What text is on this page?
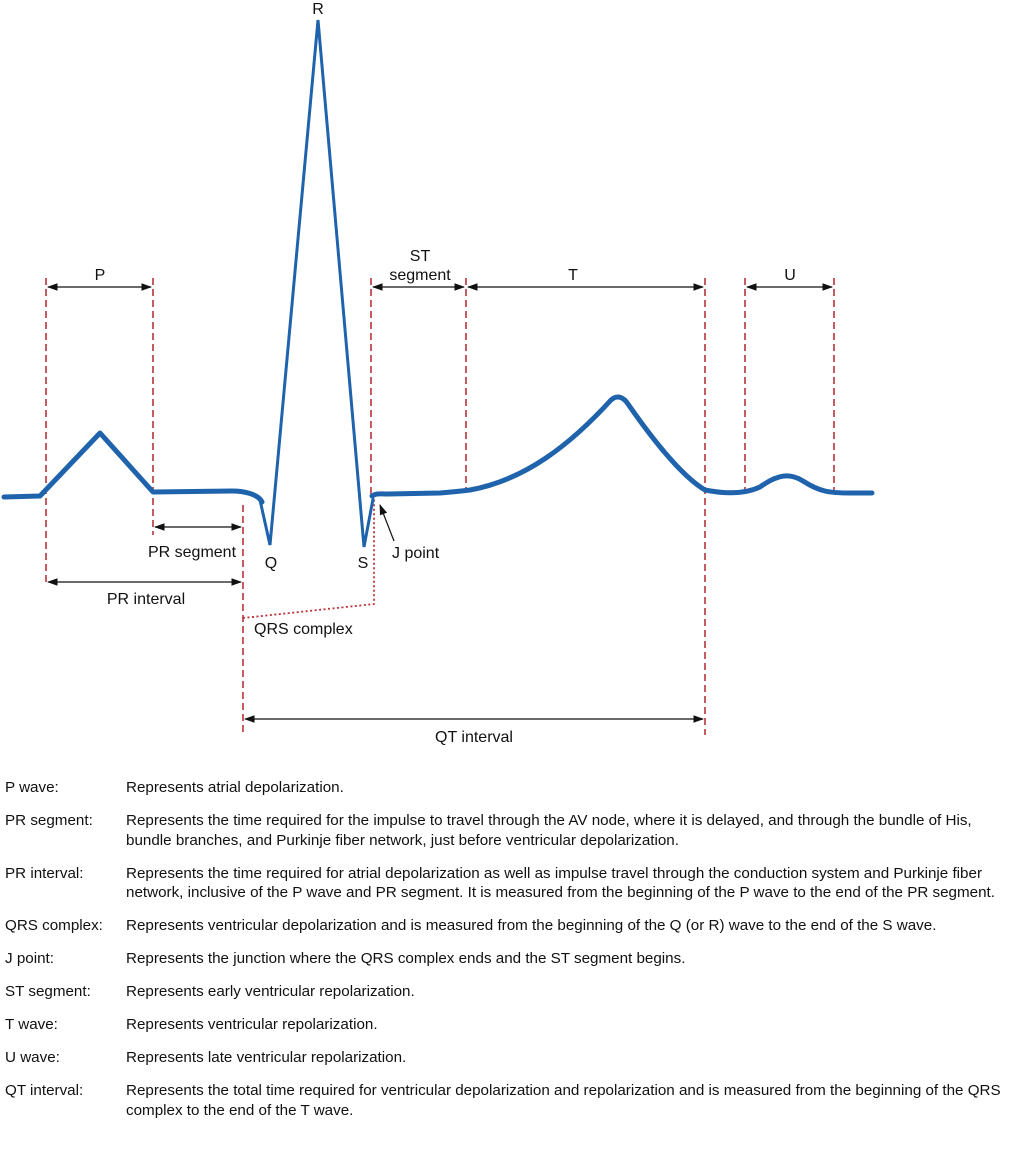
R
P
ST
segment	T	U
Q	S
J point
PR segment
PR interval
QRS complex
QT interval
P wave:	Represents atrial depolarization.
PR segment:	Represents the time required for the impulse to travel through the AV node, where it is delayed, and through the bundle of His, bundle branches, and Purkinje fiber network, just before ventricular depolarization.
PR interval:	Represents the time required for atrial depolarization as well as impulse travel through the conduction system and Purkinje fiber network, inclusive of the P wave and PR segment. It is measured from the beginning of the P wave to the end of the PR segment.
QRS complex:	Represents ventricular depolarization and is measured from the beginning of the Q (or R) wave to the end of the S wave.
J point:	Represents the junction where the QRS complex ends and the ST segment begins.
ST segment:	Represents early ventricular repolarization.
T wave:	Represents ventricular repolarization.
U wave:	Represents late ventricular repolarization.
QT interval:	Represents the total time required for ventricular depolarization and repolarization and is measured from the beginning of the QRS complex to the end of the T wave.
